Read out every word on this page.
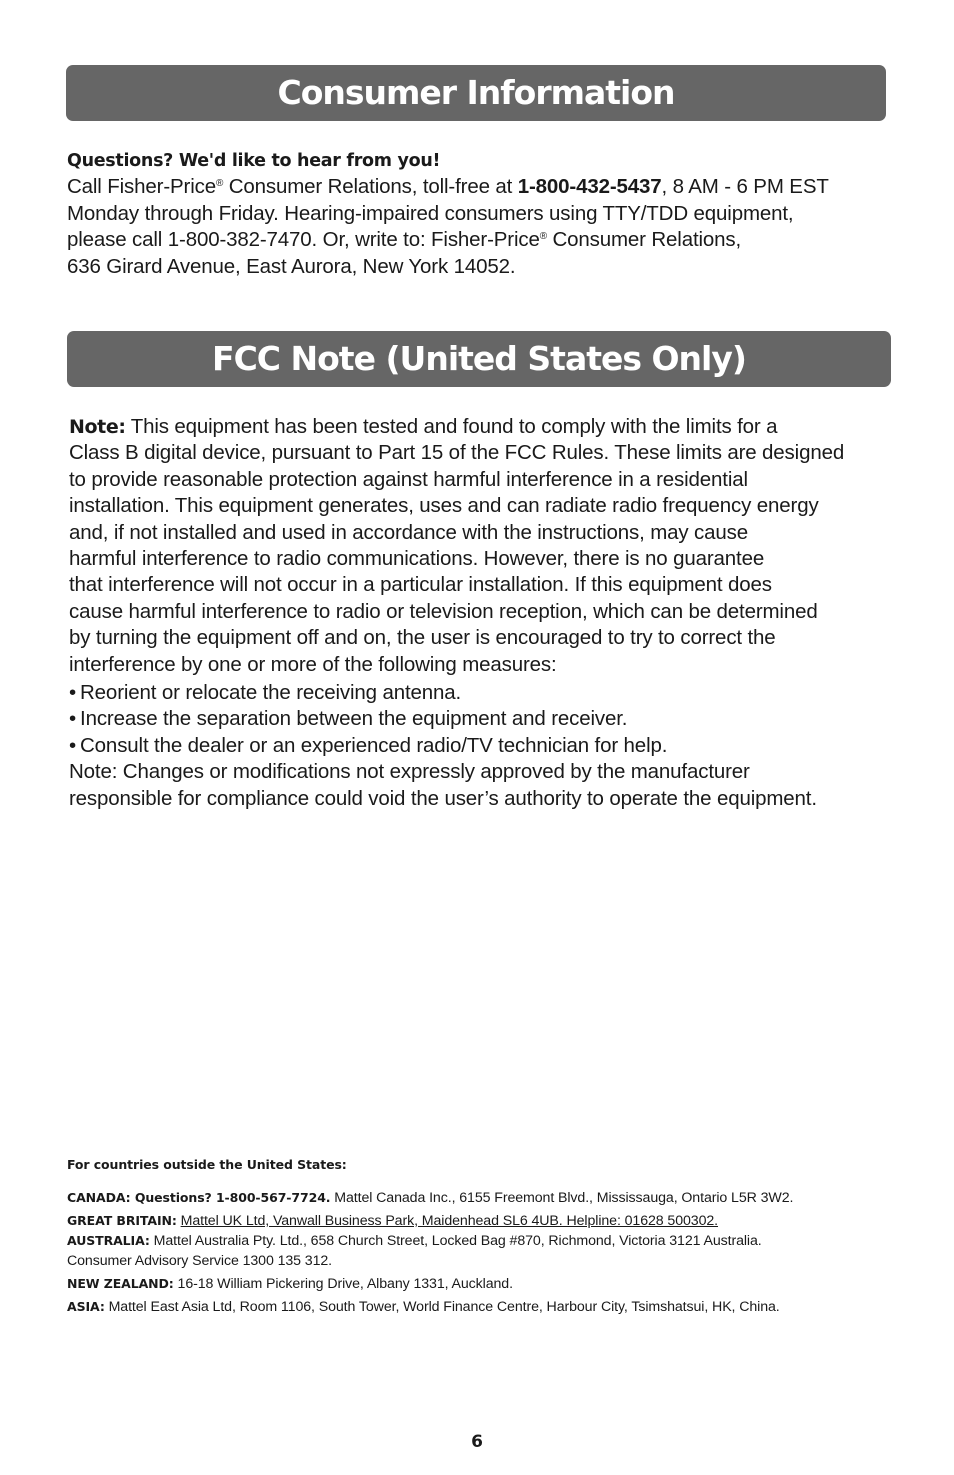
Consumer Information
Questions? We'd like to hear from you!
Call Fisher-Price® Consumer Relations, toll-free at 1-800-432-5437, 8 AM - 6 PM EST
Monday through Friday. Hearing-impaired consumers using TTY/TDD equipment,
please call 1-800-382-7470. Or, write to: Fisher-Price® Consumer Relations,
636 Girard Avenue, East Aurora, New York 14052.
FCC Note (United States Only)
Note: This equipment has been tested and found to comply with the limits for a
Class B digital device, pursuant to Part 15 of the FCC Rules. These limits are designed
to provide reasonable protection against harmful interference in a residential
installation. This equipment generates, uses and can radiate radio frequency energy
and, if not installed and used in accordance with the instructions, may cause
harmful interference to radio communications. However, there is no guarantee
that interference will not occur in a particular installation. If this equipment does
cause harmful interference to radio or television reception, which can be determined
by turning the equipment off and on, the user is encouraged to try to correct the
interference by one or more of the following measures:
• Reorient or relocate the receiving antenna.
• Increase the separation between the equipment and receiver.
• Consult the dealer or an experienced radio/TV technician for help.
Note: Changes or modifications not expressly approved by the manufacturer
responsible for compliance could void the user’s authority to operate the equipment.
For countries outside the United States:
CANADA: Questions? 1-800-567-7724. Mattel Canada Inc., 6155 Freemont Blvd., Mississauga, Ontario L5R 3W2.
GREAT BRITAIN: Mattel UK Ltd, Vanwall Business Park, Maidenhead SL6 4UB. Helpline: 01628 500302.
AUSTRALIA: Mattel Australia Pty. Ltd., 658 Church Street, Locked Bag #870, Richmond, Victoria 3121 Australia.
Consumer Advisory Service 1300 135 312.
NEW ZEALAND: 16-18 William Pickering Drive, Albany 1331, Auckland.
ASIA: Mattel East Asia Ltd, Room 1106, South Tower, World Finance Centre, Harbour City, Tsimshatsui, HK, China.
6
